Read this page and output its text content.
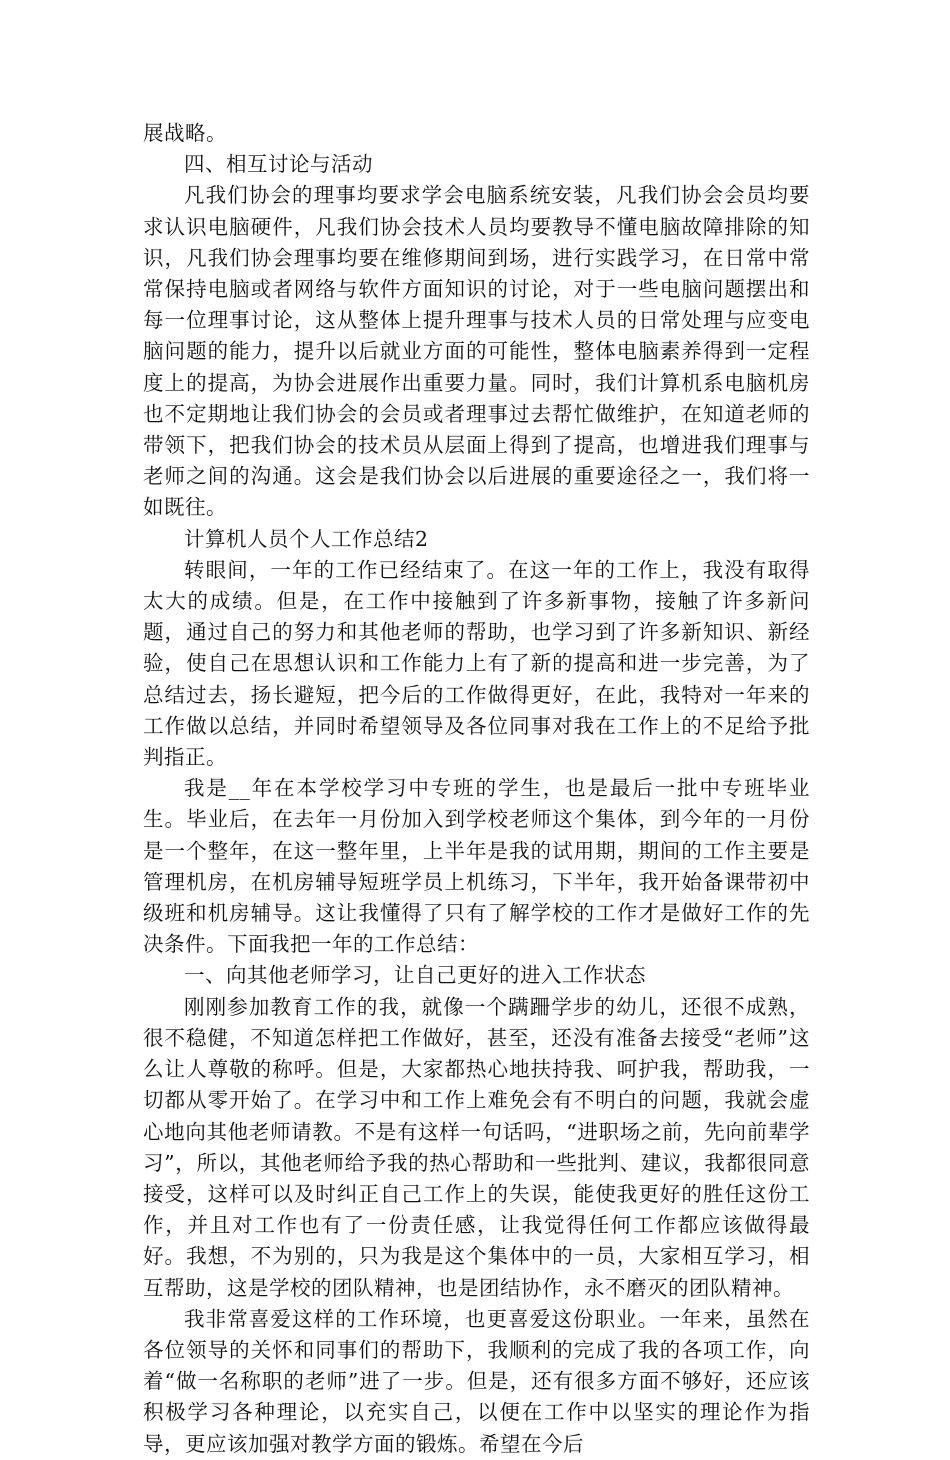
展战略。

四、相互讨论与活动

凡我们协会的理事均要求学会电脑系统安装，凡我们协会会员均要求认识电脑硬件，凡我们协会技术人员均要教导不懂电脑故障排除的知识，凡我们协会理事均要在维修期间到场，进行实践学习，在日常中常常保持电脑或者网络与软件方面知识的讨论，对于一些电脑问题摆出和每一位理事讨论，这从整体上提升理事与技术人员的日常处理与应变电脑问题的能力，提升以后就业方面的可能性，整体电脑素养得到一定程度上的提高，为协会进展作出重要力量。同时，我们计算机系电脑机房也不定期地让我们协会的会员或者理事过去帮忙做维护，在知道老师的带领下，把我们协会的技术员从层面上得到了提高，也增进我们理事与老师之间的沟通。这会是我们协会以后进展的重要途径之一，我们将一如既往。

计算机人员个人工作总结2

转眼间，一年的工作已经结束了。在这一年的工作上，我没有取得太大的成绩。但是，在工作中接触到了许多新事物，接触了许多新问题，通过自己的努力和其他老师的帮助，也学习到了许多新知识、新经验，使自己在思想认识和工作能力上有了新的提高和进一步完善，为了总结过去，扬长避短，把今后的工作做得更好，在此，我特对一年来的工作做以总结，并同时希望领导及各位同事对我在工作上的不足给予批判指正。

我是__年在本学校学习中专班的学生，也是最后一批中专班毕业生。毕业后，在去年一月份加入到学校老师这个集体，到今年的一月份是一个整年，在这一整年里，上半年是我的试用期，期间的工作主要是管理机房，在机房辅导短班学员上机练习，下半年，我开始备课带初中级班和机房辅导。这让我懂得了只有了解学校的工作才是做好工作的先决条件。下面我把一年的工作总结：

一、向其他老师学习，让自己更好的进入工作状态

刚刚参加教育工作的我，就像一个蹒跚学步的幼儿，还很不成熟，很不稳健，不知道怎样把工作做好，甚至，还没有准备去接受“老师”这么让人尊敬的称呼。但是，大家都热心地扶持我、呵护我，帮助我，一切都从零开始了。在学习中和工作上难免会有不明白的问题，我就会虚心地向其他老师请教。不是有这样一句话吗，“进职场之前，先向前辈学习”，所以，其他老师给予我的热心帮助和一些批判、建议，我都很同意接受，这样可以及时纠正自己工作上的失误，能使我更好的胜任这份工作，并且对工作也有了一份责任感，让我觉得任何工作都应该做得最好。我想，不为别的，只为我是这个集体中的一员，大家相互学习，相互帮助，这是学校的团队精神，也是团结协作，永不磨灭的团队精神。

我非常喜爱这样的工作环境，也更喜爱这份职业。一年来，虽然在各位领导的关怀和同事们的帮助下，我顺利的完成了我的各项工作，向着“做一名称职的老师”进了一步。但是，还有很多方面不够好，还应该积极学习各种理论，以充实自己，以便在工作中以坚实的理论作为指导，更应该加强对教学方面的锻炼。希望在今后
